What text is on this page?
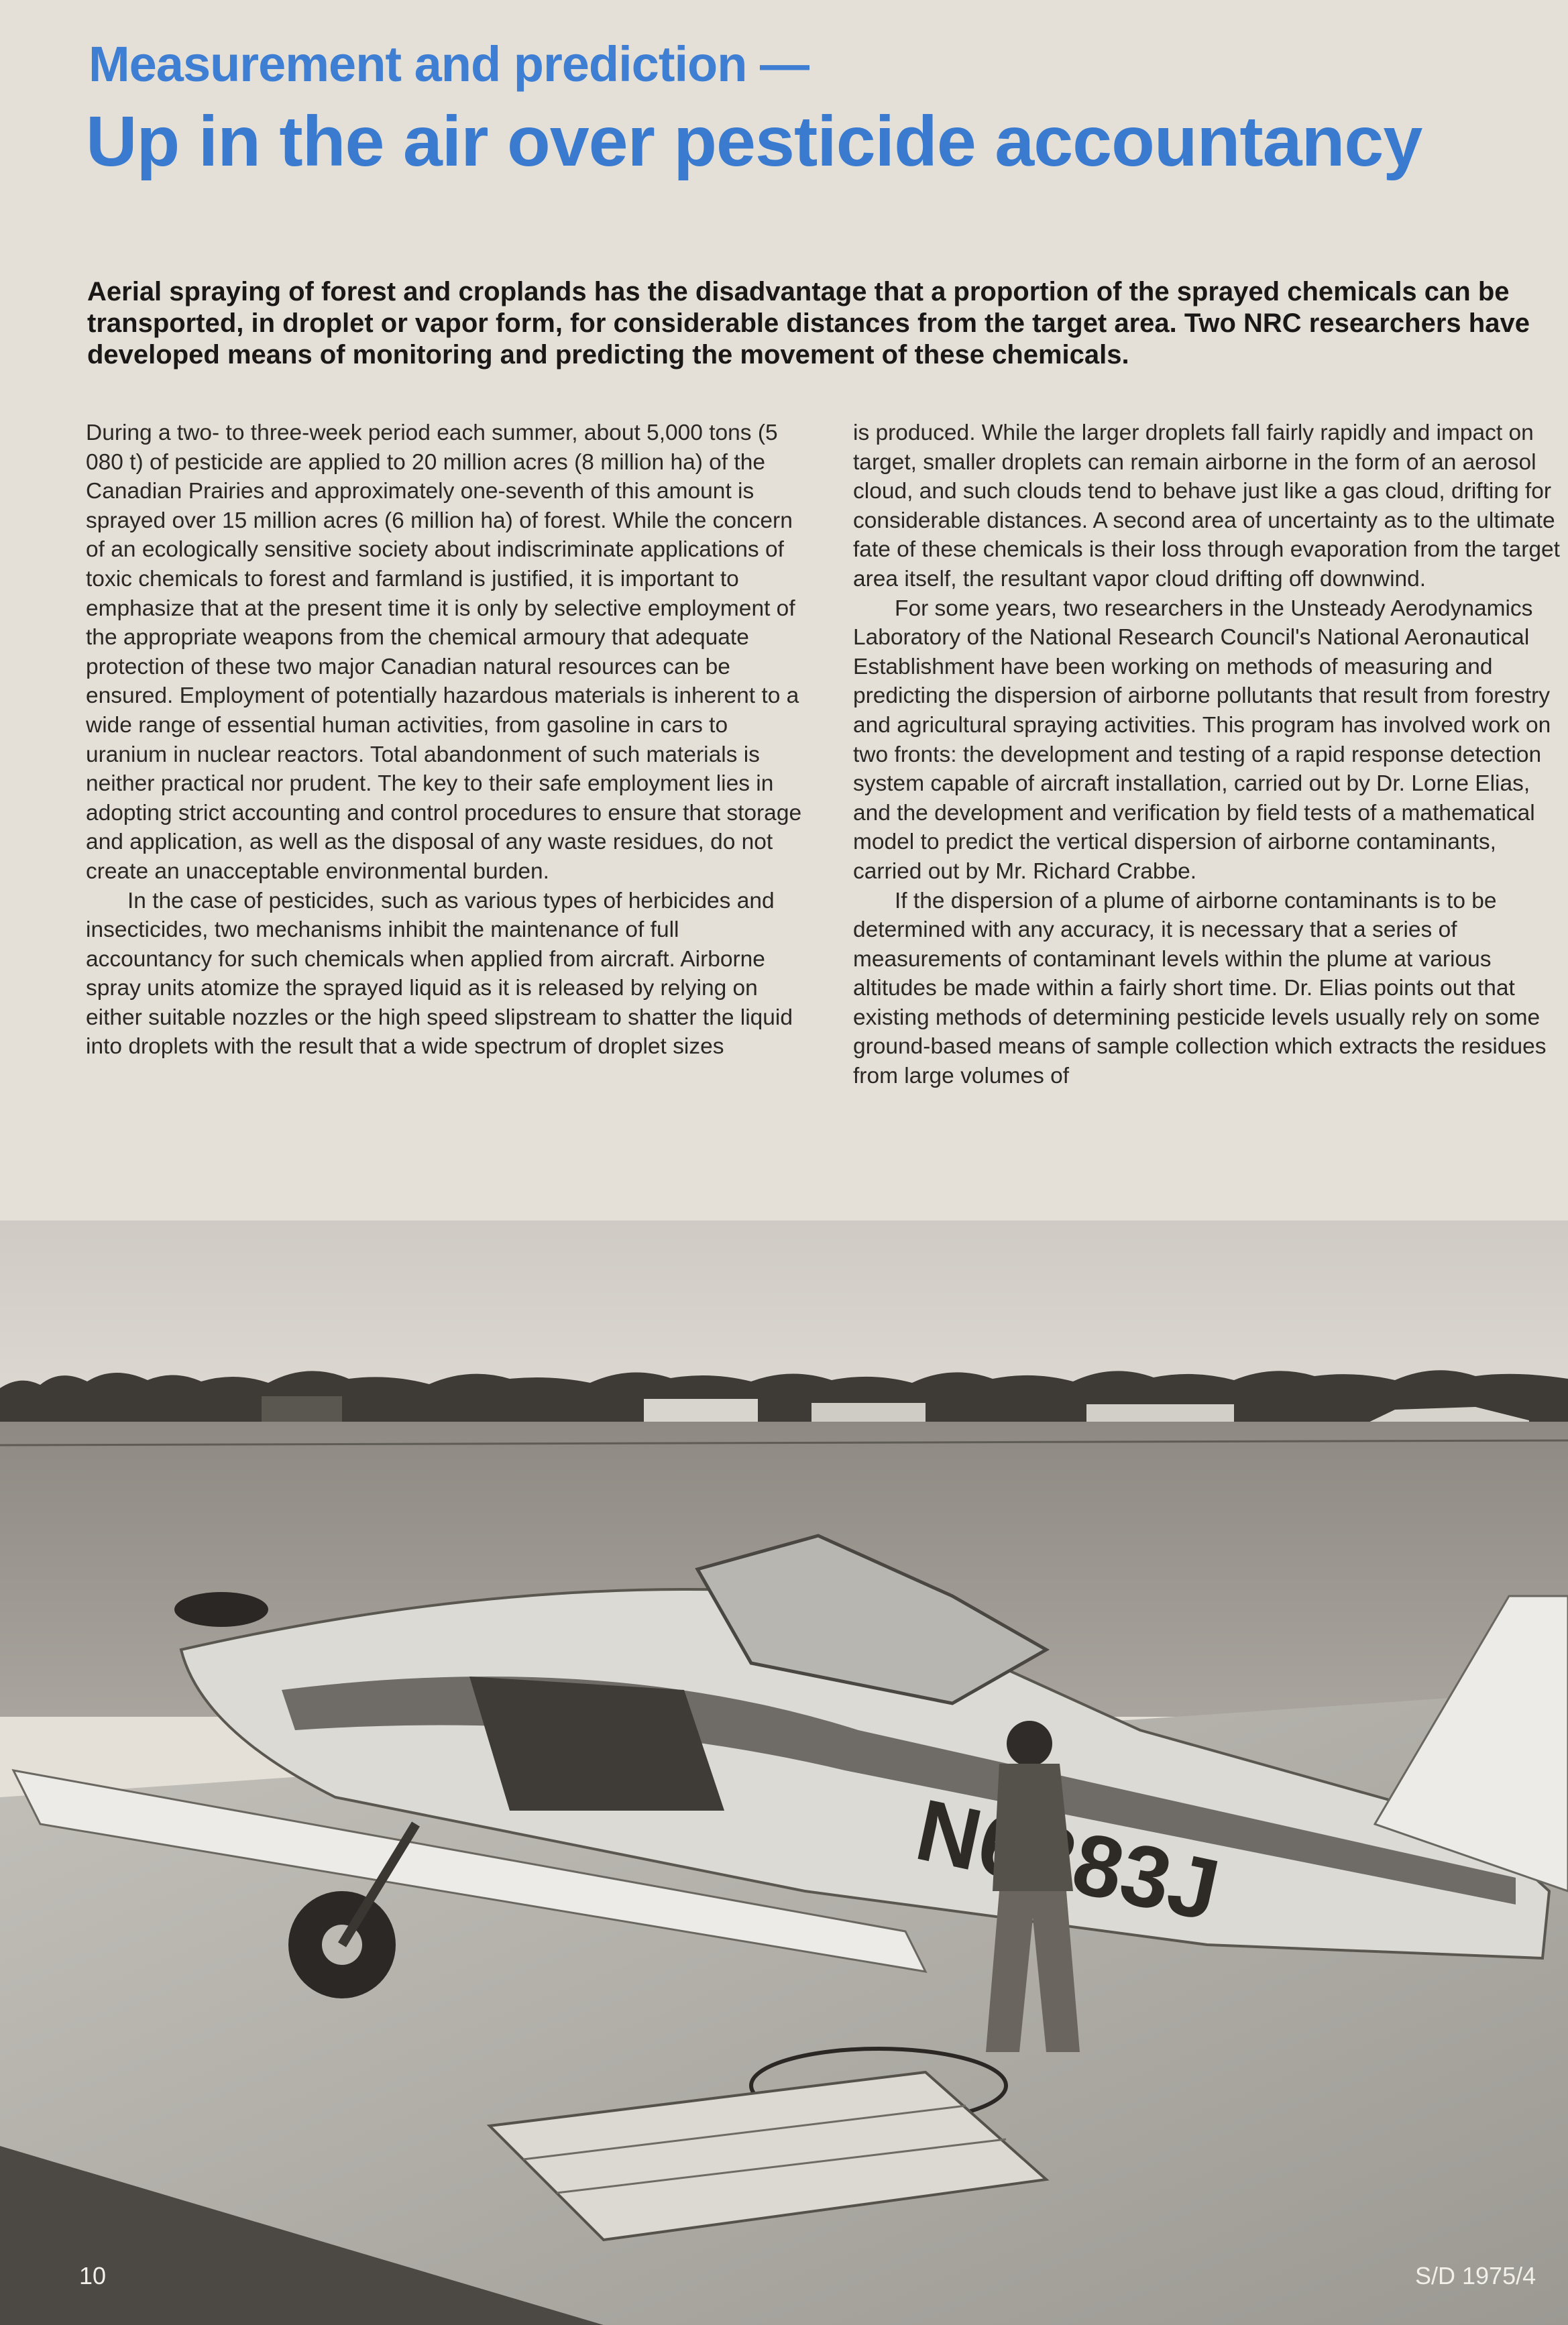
Measurement and prediction —
Up in the air over pesticide accountancy
Aerial spraying of forest and croplands has the disadvantage that a proportion of the sprayed chemicals can be transported, in droplet or vapor form, for considerable distances from the target area. Two NRC researchers have developed means of monitoring and predicting the movement of these chemicals.

During a two- to three-week period each summer, about 5,000 tons (5 080 t) of pesticide are applied to 20 million acres (8 million ha) of the Canadian Prairies and approximately one-seventh of this amount is sprayed over 15 million acres (6 million ha) of forest. While the concern of an ecologically sensitive society about indiscriminate applications of toxic chemicals to forest and farmland is justified, it is important to emphasize that at the present time it is only by selective employment of the appropriate weapons from the chemical armoury that adequate protection of these two major Canadian natural resources can be ensured. Employment of potentially hazardous materials is inherent to a wide range of essential human activities, from gasoline in cars to uranium in nuclear reactors. Total abandonment of such materials is neither practical nor prudent. The key to their safe employment lies in adopting strict accounting and control procedures to ensure that storage and application, as well as the disposal of any waste residues, do not create an unacceptable environmental burden.

In the case of pesticides, such as various types of herbicides and insecticides, two mechanisms inhibit the maintenance of full accountancy for such chemicals when applied from aircraft. Airborne spray units atomize the sprayed liquid as it is released by relying on either suitable nozzles or the high speed slipstream to shatter the liquid into droplets with the result that a wide spectrum of droplet sizes

is produced. While the larger droplets fall fairly rapidly and impact on target, smaller droplets can remain airborne in the form of an aerosol cloud, and such clouds tend to behave just like a gas cloud, drifting for considerable distances. A second area of uncertainty as to the ultimate fate of these chemicals is their loss through evaporation from the target area itself, the resultant vapor cloud drifting off downwind.

For some years, two researchers in the Unsteady Aerodynamics Laboratory of the National Research Council's National Aeronautical Establishment have been working on methods of measuring and predicting the dispersion of airborne pollutants that result from forestry and agricultural spraying activities. This program has involved work on two fronts: the development and testing of a rapid response detection system capable of aircraft installation, carried out by Dr. Lorne Elias, and the development and verification by field tests of a mathematical model to predict the vertical dispersion of airborne contaminants, carried out by Mr. Richard Crabbe.

If the dispersion of a plume of airborne contaminants is to be determined with any accuracy, it is necessary that a series of measurements of contaminant levels within the plume at various altitudes be made within a fairly short time. Dr. Elias points out that existing methods of determining pesticide levels usually rely on some ground-based means of sample collection which extracts the residues from large volumes of

10	S/D 1975/4
